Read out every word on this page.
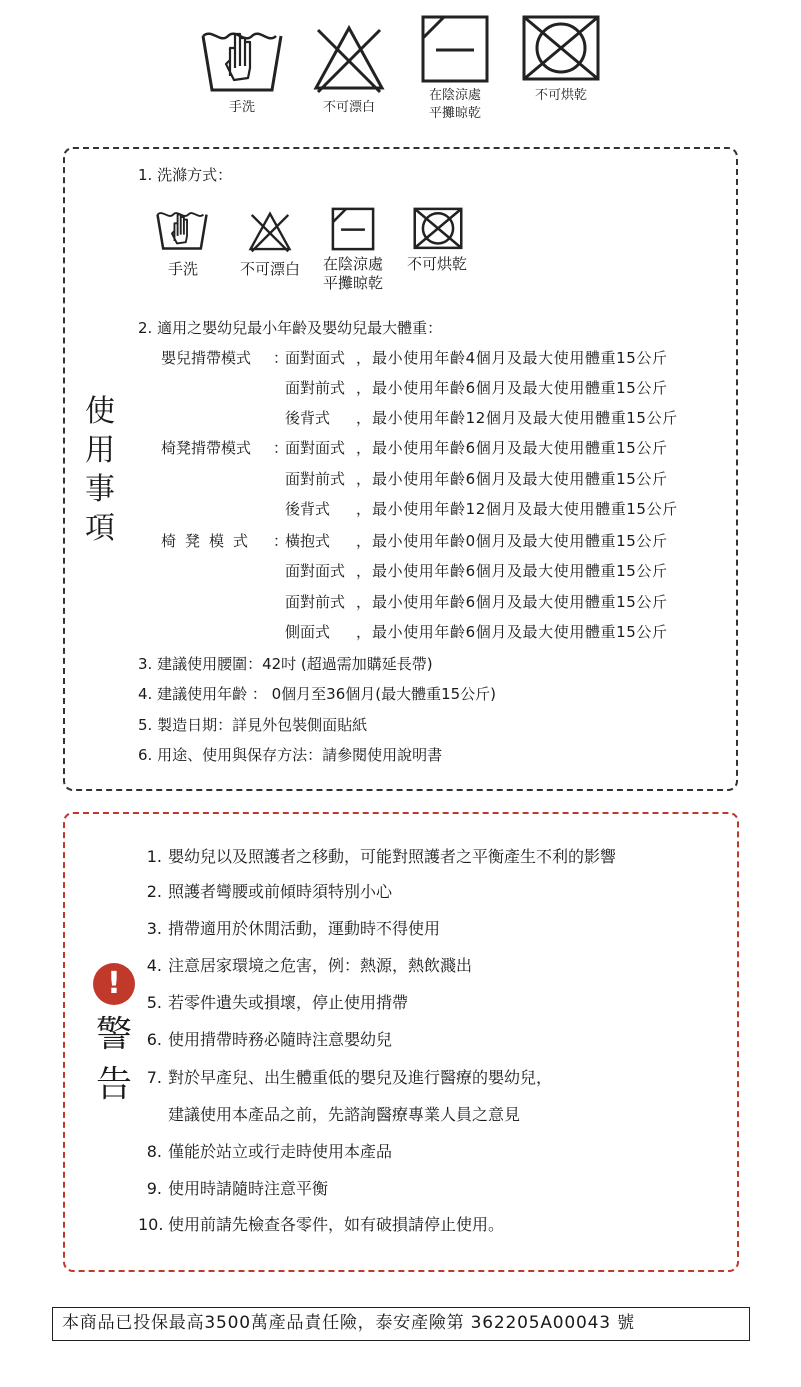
手洗	不可漂白
在陰涼處
平攤晾乾
不可烘乾
使
用
事
項
1. 洗滌方式：
手洗	不可漂白	在陰涼處
平攤晾乾
不可烘乾
2. 適用之嬰幼兒最小年齡及嬰幼兒最大體重：
嬰兒揹帶模式 ：
面對面式 ， 最小使用年齡4個月及最大使用體重15公斤
面對前式 ， 最小使用年齡6個月及最大使用體重15公斤
後背式 ， 最小使用年齡12個月及最大使用體重15公斤
椅凳揹帶模式 ：
面對面式 ， 最小使用年齡6個月及最大使用體重15公斤
面對前式 ， 最小使用年齡6個月及最大使用體重15公斤
後背式 ， 最小使用年齡12個月及最大使用體重15公斤
椅凳模式 ：
橫抱式 ， 最小使用年齡0個月及最大使用體重15公斤
面對面式 ， 最小使用年齡6個月及最大使用體重15公斤
面對前式 ， 最小使用年齡6個月及最大使用體重15公斤
側面式 ， 最小使用年齡6個月及最大使用體重15公斤
3. 建議使用腰圍：42吋 (超過需加購延長帶)
4. 建議使用年齡 ： 0個月至36個月(最大體重15公斤)
5. 製造日期：詳見外包裝側面貼紙
6. 用途、使用與保存方法：請參閱使用說明書
!
警
告
1. 嬰幼兒以及照護者之移動，可能對照護者之平衡產生不利的影響
2. 照護者彎腰或前傾時須特別小心
3. 揹帶適用於休閒活動，運動時不得使用
4. 注意居家環境之危害，例：熱源，熱飲濺出
5. 若零件遺失或損壞，停止使用揹帶
6. 使用揹帶時務必隨時注意嬰幼兒
7. 對於早產兒、出生體重低的嬰兒及進行醫療的嬰幼兒，
建議使用本產品之前，先諮詢醫療專業人員之意見
8. 僅能於站立或行走時使用本產品
9. 使用時請隨時注意平衡
10. 使用前請先檢查各零件，如有破損請停止使用。
本商品已投保最高3500萬產品責任險，泰安產險第 362205A00043 號
